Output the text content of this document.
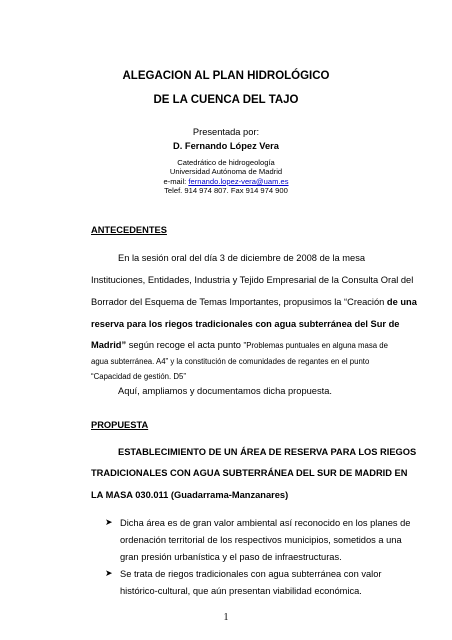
ALEGACION AL PLAN HIDROLÓGICO
DE LA CUENCA DEL TAJO
Presentada por:
D. Fernando López Vera
Catedrático de hidrogeología
Universidad Autónoma de Madrid
e-mail: fernando.lopez-vera@uam.es
Telef. 914 974 807. Fax 914 974 900
ANTECEDENTES
En la sesión oral del día 3 de diciembre de 2008 de la mesa
Instituciones, Entidades, Industria y Tejido Empresarial de la Consulta Oral del
Borrador del Esquema de Temas Importantes, propusimos la “Creación de una
reserva para los riegos tradicionales con agua subterránea del Sur de
Madrid” según recoge el acta punto "Problemas puntuales en alguna masa de
agua subterránea. A4” y la constitución de comunidades de regantes en el punto
“Capacidad de gestión. D5”
Aquí, ampliamos y documentamos dicha propuesta.
PROPUESTA
ESTABLECIMIENTO DE UN ÁREA DE RESERVA PARA LOS RIEGOS
TRADICIONALES CON AGUA SUBTERRÁNEA DEL SUR DE MADRID EN
LA MASA 030.011 (Guadarrama-Manzanares)
➤ Dicha área es de gran valor ambiental así reconocido en los planes de
ordenación territorial de los respectivos municipios, sometidos a una
gran presión urbanística y el paso de infraestructuras.
➤ Se trata de riegos tradicionales con agua subterránea con valor
histórico-cultural, que aún presentan viabilidad económica.
1
